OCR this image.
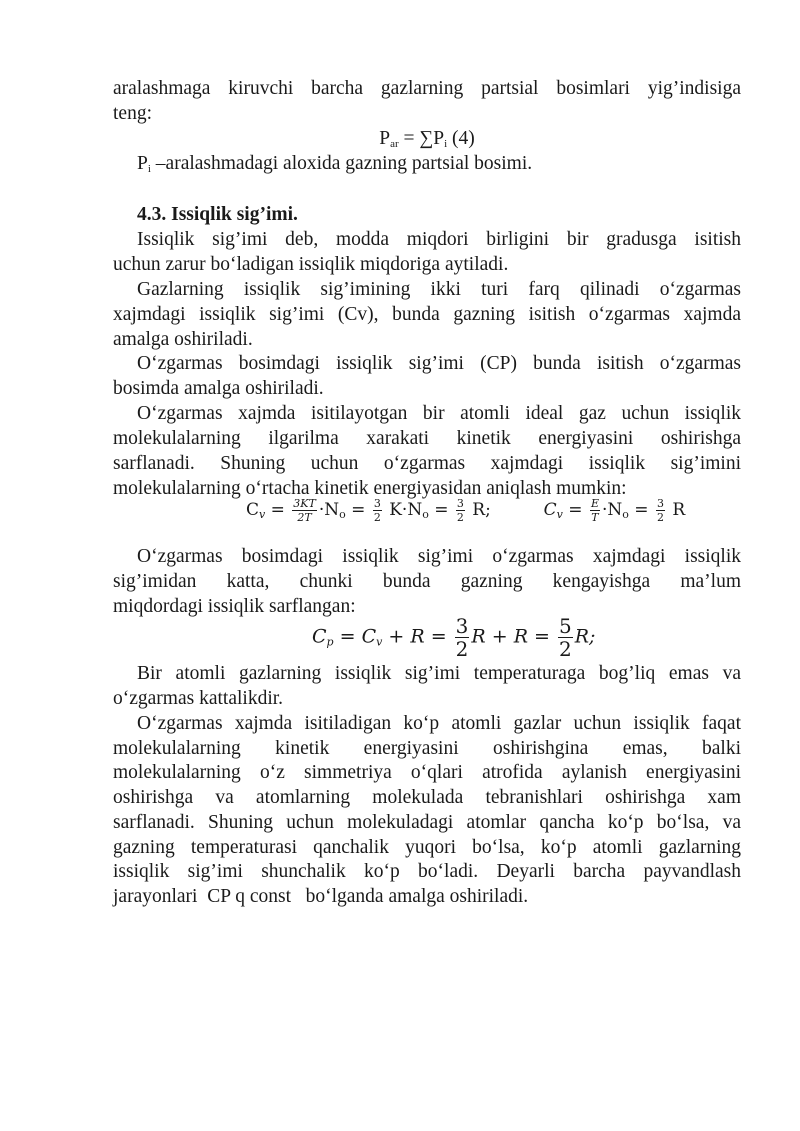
aralashmaga kiruvchi barcha gazlarning partsial bosimlari yig’indisiga
teng:
$P_{ar} = \sum P_i$ (4)
$P_i$ –aralashmadagi aloxida gazning partsial bosimi.
4.3. Issiqlik sig’imi.
Issiqlik sig’imi deb, modda miqdori birligini bir gradusga isitish
uchun zarur bo‘ladigan issiqlik miqdoriga aytiladi.
Gazlarning issiqlik sig’imining ikki turi farq qilinadi o‘zgarmas
xajmdagi issiqlik sig’imi (Cv), bunda gazning isitish o‘zgarmas xajmda
amalga oshiriladi.
O‘zgarmas bosimdagi issiqlik sig’imi (CP) bunda isitish o‘zgarmas
bosimda amalga oshiriladi.
O‘zgarmas xajmda isitilayotgan bir atomli ideal gaz uchun issiqlik
molekulalarning ilgarilma xarakati kinetik energiyasini oshirishga
sarflanadi. Shuning uchun o‘zgarmas xajmdagi issiqlik sig’imini
molekulalarning o‘rtacha kinetik energiyasidan aniqlash mumkin:
$C_v = \frac{3KT}{2T} \cdot N_o = \frac{3}{2} K\cdot N_o = \frac{3}{2} R$;	$C_v = \frac{E}{T} \cdot N_o = \frac{3}{2}$ R
O‘zgarmas bosimdagi issiqlik sig’imi o‘zgarmas xajmdagi issiqlik
sig’imidan katta, chunki bunda gazning kengayishga ma’lum
miqdordagi issiqlik sarflangan:
$C_p = C_v + R = \frac{3}{2}$ $R + R = \frac{5}{2} R$;
Bir atomli gazlarning issiqlik sig’imi temperaturaga bog’liq emas va
o‘zgarmas kattalikdir.
O‘zgarmas xajmda isitiladigan ko‘p atomli gazlar uchun issiqlik faqat
molekulalarning kinetik energiyasini oshirishgina emas, balki
molekulalarning o‘z simmetriya o‘qlari atrofida aylanish energiyasini
oshirishga va atomlarning molekulada tebranishlari oshirishga xam
sarflanadi. Shuning uchun molekuladagi atomlar qancha ko‘p bo‘lsa, va
gazning temperaturasi qanchalik yuqori bo‘lsa, ko‘p atomli gazlarning
issiqlik sig’imi shunchalik ko‘p bo‘ladi. Deyarli barcha payvandlash
jarayonlari  CP q const   bo‘lganda amalga oshiriladi.
